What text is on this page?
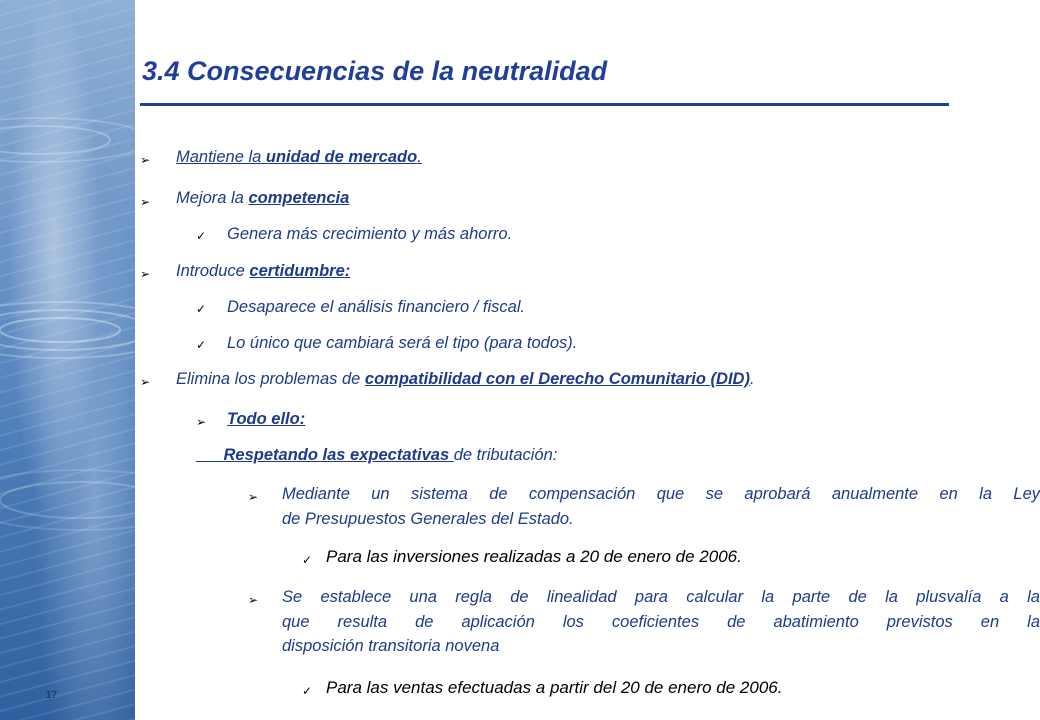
17
3.4 Consecuencias de la neutralidad
➢ Mantiene la unidad de mercado.
➢ Mejora la competencia
✓ Genera más crecimiento y más ahorro.
➢ Introduce certidumbre:
✓ Desaparece el análisis financiero / fiscal.
✓ Lo único que cambiará será el tipo (para todos).
➢ Elimina los problemas de compatibilidad con el Derecho Comunitario (DID).
➢ Todo ello:
Respetando las expectativas de tributación:
➢ Mediante un sistema de compensación que se aprobará anualmente en la Ley
de Presupuestos Generales del Estado.
✓ Para las inversiones realizadas a 20 de enero de 2006.
➢ Se establece una regla de linealidad para calcular la parte de la plusvalía a la
que resulta de aplicación los coeficientes de abatimiento previstos en la
disposición transitoria novena
✓ Para las ventas efectuadas a partir del 20 de enero de 2006.
